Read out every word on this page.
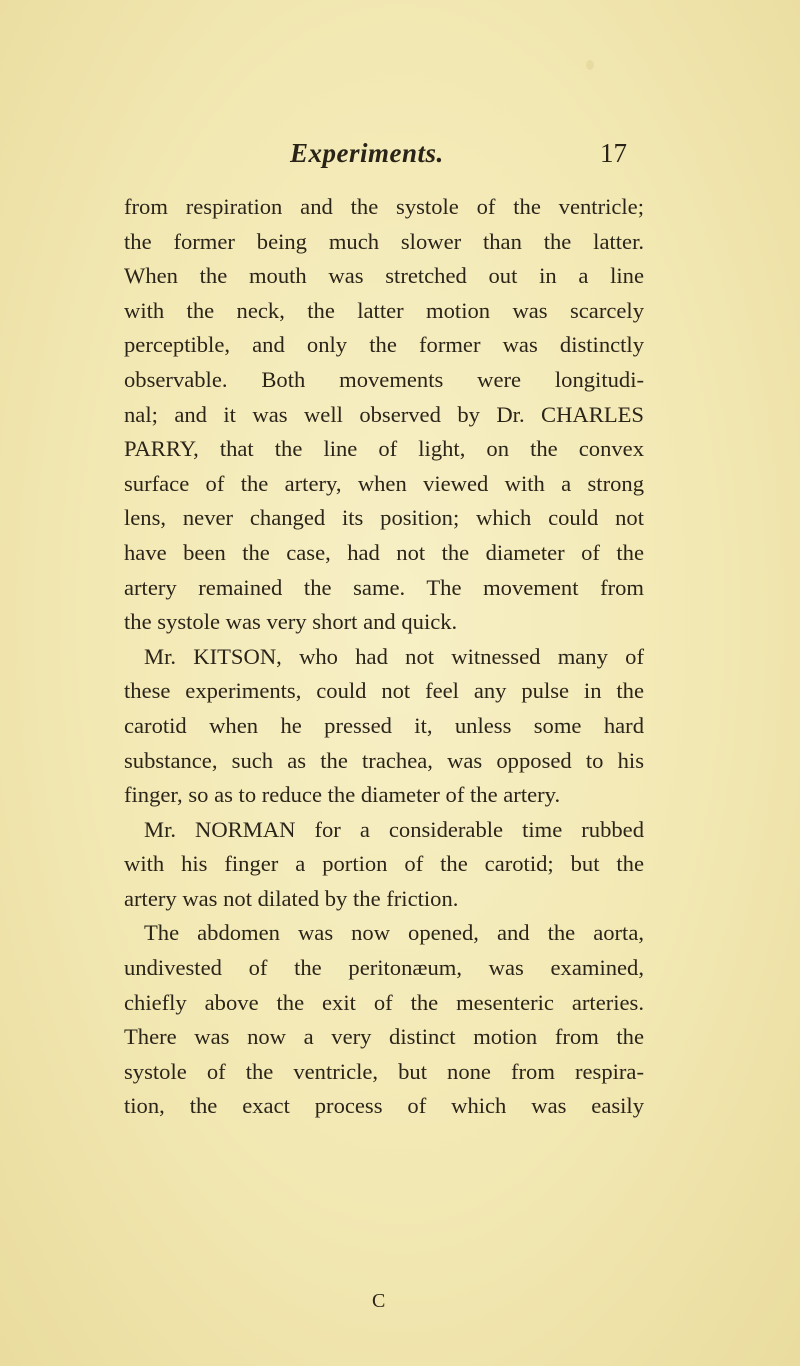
Experiments.	17
from respiration and the systole of the ventricle;
the former being much slower than the latter.
When the mouth was stretched out in a line
with the neck, the latter motion was scarcely
perceptible, and only the former was distinctly
observable. Both movements were longitudi-
nal; and it was well observed by Dr. CHARLES
PARRY, that the line of light, on the convex
surface of the artery, when viewed with a strong
lens, never changed its position; which could not
have been the case, had not the diameter of the
artery remained the same. The movement from
the systole was very short and quick.
Mr. KITSON, who had not witnessed many of
these experiments, could not feel any pulse in the
carotid when he pressed it, unless some hard
substance, such as the trachea, was opposed to his
finger, so as to reduce the diameter of the artery.
Mr. NORMAN for a considerable time rubbed
with his finger a portion of the carotid; but the
artery was not dilated by the friction.
The abdomen was now opened, and the aorta,
undivested of the peritonæum, was examined,
chiefly above the exit of the mesenteric arteries.
There was now a very distinct motion from the
systole of the ventricle, but none from respira-
tion, the exact process of which was easily
C
